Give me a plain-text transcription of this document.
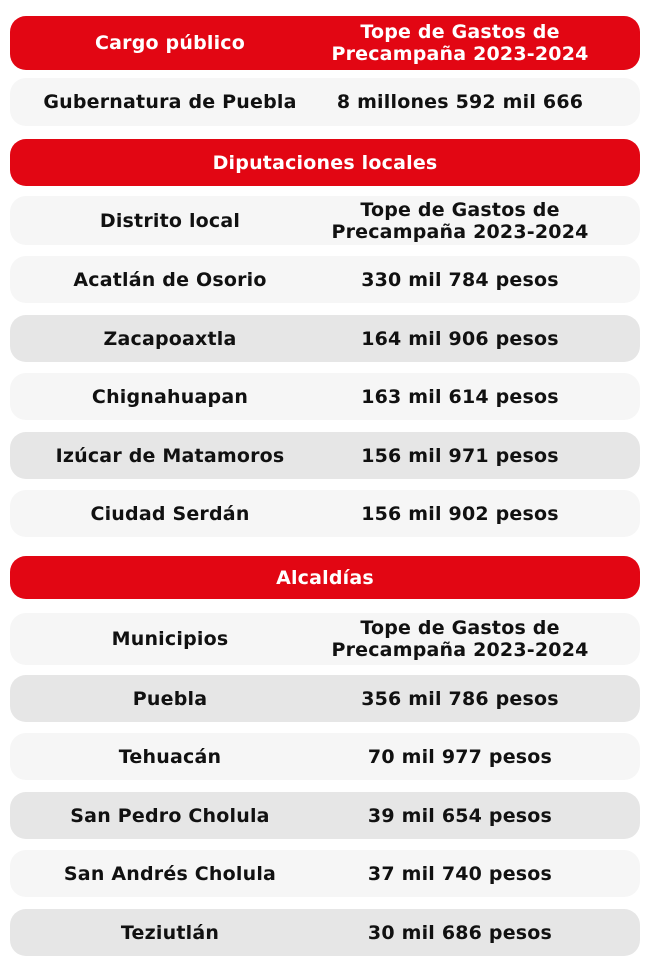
Cargo público	Tope de Gastos de
Precampaña 2023-2024
Gubernatura de Puebla	8 millones 592 mil 666
Diputaciones locales
Distrito local	Tope de Gastos de
Precampaña 2023-2024
Acatlán de Osorio	330 mil 784 pesos
Zacapoaxtla	164 mil 906 pesos
Chignahuapan	163 mil 614 pesos
Izúcar de Matamoros	156 mil 971 pesos
Ciudad Serdán	156 mil 902 pesos
Alcaldías
Municipios	Tope de Gastos de
Precampaña 2023-2024
Puebla	356 mil 786 pesos
Tehuacán	70 mil 977 pesos
San Pedro Cholula	39 mil 654 pesos
San Andrés Cholula	37 mil 740 pesos
Teziutlán	30 mil 686 pesos
